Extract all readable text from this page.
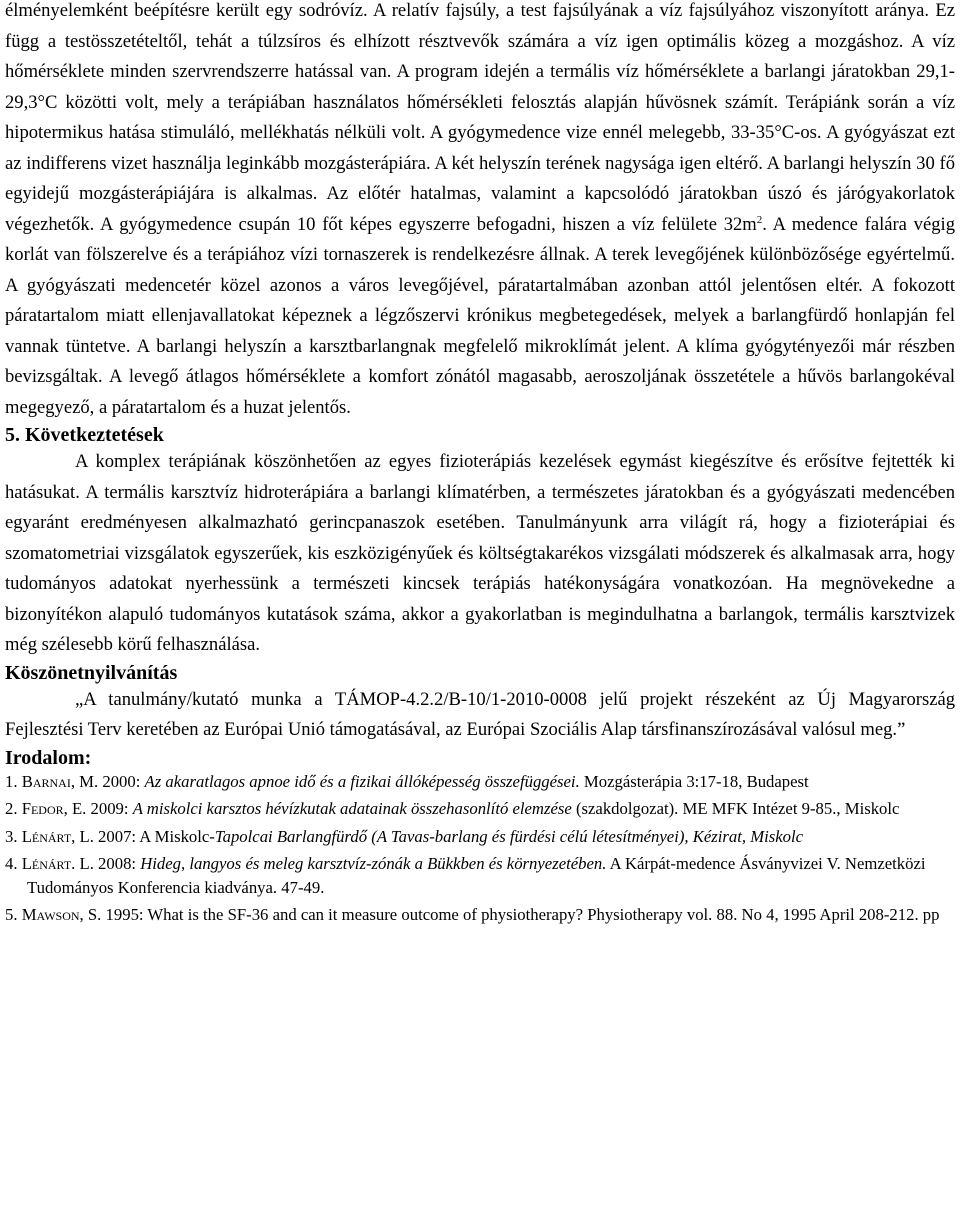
élményelemként beépítésre került egy sodróvíz. A relatív fajsúly, a test fajsúlyának a víz fajsúlyához viszonyított aránya. Ez függ a testösszetételtől, tehát a túlzsíros és elhízott résztvevők számára a víz igen optimális közeg a mozgáshoz. A víz hőmérséklete minden szervrendszerre hatással van. A program idején a termális víz hőmérséklete a barlangi járatokban 29,1-29,3°C közötti volt, mely a terápiában használatos hőmérsékleti felosztás alapján hűvösnek számít. Terápiánk során a víz hipotermikus hatása stimuláló, mellékhatás nélküli volt. A gyógymedence vize ennél melegebb, 33-35°C-os. A gyógyászat ezt az indifferens vizet használja leginkább mozgásterápiára. A két helyszín terének nagysága igen eltérő. A barlangi helyszín 30 fő egyidejű mozgásterápiájára is alkalmas. Az előtér hatalmas, valamint a kapcsolódó járatokban úszó és járógyakorlatok végezhetők. A gyógymedence csupán 10 főt képes egyszerre befogadni, hiszen a víz felülete $32m^2$. A medence falára végig korlát van fölszerelve és a terápiához vízi tornaszerek is rendelkezésre állnak. A terek levegőjének különbözősége egyértelmű. A gyógyászati medencetér közel azonos a város levegőjével, páratartalmában azonban attól jelentősen eltér. A fokozott páratartalom miatt ellenjavallatokat képeznek a légzőszervi krónikus megbetegedések, melyek a barlangfürdő honlapján fel vannak tüntetve. A barlangi helyszín a karsztbarlangnak megfelelő mikroklímát jelent. A klíma gyógytényezői már részben bevizsgáltak. A levegő átlagos hőmérséklete a komfort zónától magasabb, aeroszoljának összetétele a hűvös barlangokéval megegyező, a páratartalom és a huzat jelentős.

5. Következtetések

A komplex terápiának köszönhetően az egyes fizioterápiás kezelések egymást kiegészítve és erősítve fejtették ki hatásukat. A termális karsztvíz hidroterápiára a barlangi klímatérben, a természetes járatokban és a gyógyászati medencében egyaránt eredményesen alkalmazható gerincpanaszok esetében. Tanulmányunk arra világít rá, hogy a fizioterápiai és szomatometriai vizsgálatok egyszerűek, kis eszközigényűek és költségtakarékos vizsgálati módszerek és alkalmasak arra, hogy tudományos adatokat nyerhessünk a természeti kincsek terápiás hatékonyságára vonatkozóan. Ha megnövekedne a bizonyítékon alapuló tudományos kutatások száma, akkor a gyakorlatban is megindulhatna a barlangok, termális karsztvizek még szélesebb körű felhasználása.

Köszönetnyilvánítás

„A tanulmány/kutató munka a TÁMOP-4.2.2/B-10/1-2010-0008 jelű projekt részeként az Új Magyarország Fejlesztési Terv keretében az Európai Unió támogatásával, az Európai Szociális Alap társfinanszírozásával valósul meg.”

Irodalom:
1. Barnai, M. 2000: Az akaratlagos apnoe idő és a fizikai állóképesség összefüggései. Mozgásterápia 3:17-18, Budapest
2. Fedor, E. 2009: A miskolci karsztos hévízkutak adatainak összehasonlító elemzése (szakdolgozat). ME MFK Intézet 9-85., Miskolc
3. Lénárt, L. 2007: A Miskolc-Tapolcai Barlangfürdő (A Tavas-barlang és fürdési célú létesítményei), Kézirat, Miskolc
4. Lénárt. L. 2008: Hideg, langyos és meleg karsztvíz-zónák a Bükkben és környezetében. A Kárpát-medence Ásványvizei V. Nemzetközi Tudományos Konferencia kiadványa. 47-49.
5. Mawson, S. 1995: What is the SF-36 and can it measure outcome of physiotherapy? Physiotherapy vol. 88. No 4, 1995 April 208-212. pp
